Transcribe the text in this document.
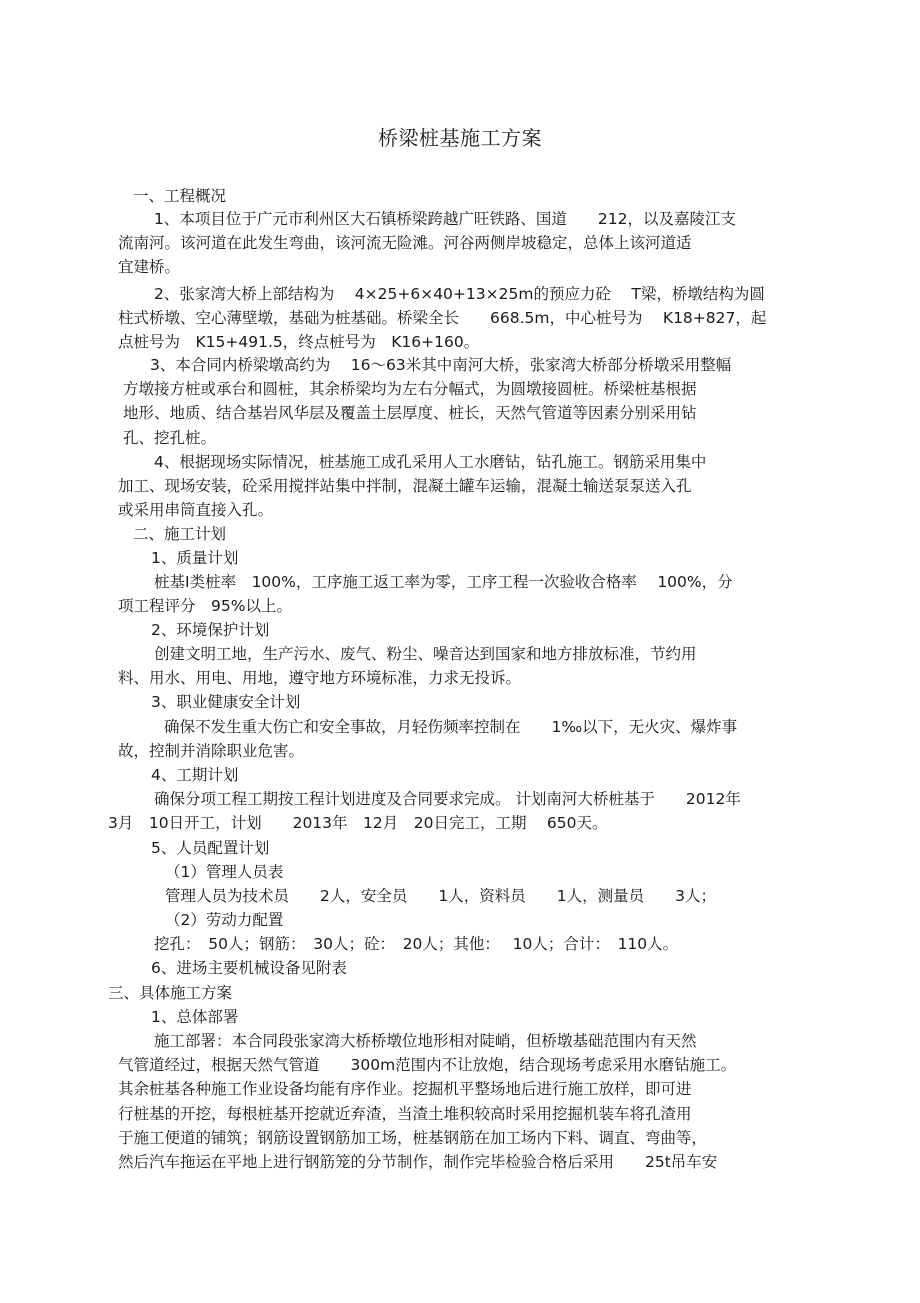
桥梁桩基施工方案
一、工程概况
1、本项目位于广元市利州区大石镇桥梁跨越广旺铁路、国道　　212，以及嘉陵江支
流南河。该河道在此发生弯曲，该河流无险滩。河谷两侧岸坡稳定，总体上该河道适
宜建桥。
2、张家湾大桥上部结构为　 4×25+6×40+13×25m的预应力砼　 T梁，桥墩结构为圆
柱式桥墩、空心薄壁墩，基础为桩基础。桥梁全长　　668.5m，中心桩号为　 K18+827，起
点桩号为　K15+491.5，终点桩号为　K16+160。
3、本合同内桥梁墩高约为　 16～63米其中南河大桥，张家湾大桥部分桥墩采用整幅
方墩接方桩或承台和圆桩，其余桥梁均为左右分幅式，为圆墩接圆桩。桥梁桩基根据
地形、地质、结合基岩风华层及覆盖土层厚度、桩长，天然气管道等因素分别采用钻
孔、挖孔桩。
4、根据现场实际情况，桩基施工成孔采用人工水磨钻，钻孔施工。钢筋采用集中
加工、现场安装，砼采用搅拌站集中拌制，混凝土罐车运输，混凝土输送泵泵送入孔
或采用串筒直接入孔。
二、施工计划
1、质量计划
桩基Ⅰ类桩率　100%，工序施工返工率为零，工序工程一次验收合格率　 100%，分
项工程评分　95%以上。
2、环境保护计划
创建文明工地，生产污水、废气、粉尘、噪音达到国家和地方排放标准，节约用
料、用水、用电、用地，遵守地方环境标准，力求无投诉。
3、职业健康安全计划
确保不发生重大伤亡和安全事故，月轻伤频率控制在　　1‰以下，无火灾、爆炸事
故，控制并消除职业危害。
4、工期计划
确保分项工程工期按工程计划进度及合同要求完成。 计划南河大桥桩基于　　2012年
3月　10日开工，计划　　2013年　12月　20日完工，工期　 650天。
5、人员配置计划
（1）管理人员表
管理人员为技术员　　2人，安全员　　1人，资料员　　1人，测量员　　3人；
（2）劳动力配置
挖孔：　50人；钢筋：　30人；砼：　20人；其他：　 10人；合计：　110人。
6、进场主要机械设备见附表
三、具体施工方案
1、总体部署
施工部署：本合同段张家湾大桥桥墩位地形相对陡峭，但桥墩基础范围内有天然
气管道经过，根据天然气管道　　300m范围内不让放炮，结合现场考虑采用水磨钻施工。
其余桩基各种施工作业设备均能有序作业。挖掘机平整场地后进行施工放样，即可进
行桩基的开挖，每根桩基开挖就近弃渣，当渣土堆积较高时采用挖掘机装车将孔渣用
于施工便道的铺筑；钢筋设置钢筋加工场，桩基钢筋在加工场内下料、调直、弯曲等，
然后汽车拖运在平地上进行钢筋笼的分节制作，制作完毕检验合格后采用　　25t吊车安
